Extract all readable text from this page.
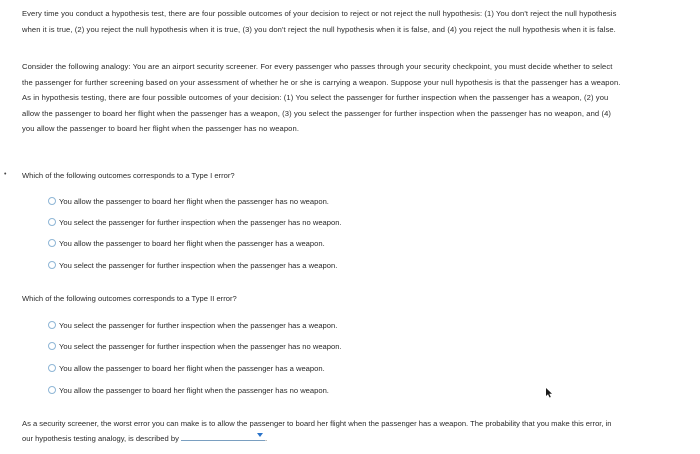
Every time you conduct a hypothesis test, there are four possible outcomes of your decision to reject or not reject the null hypothesis: (1) You don't reject the null hypothesis when it is true, (2) you reject the null hypothesis when it is true, (3) you don't reject the null hypothesis when it is false, and (4) you reject the null hypothesis when it is false.
Consider the following analogy: You are an airport security screener. For every passenger who passes through your security checkpoint, you must decide whether to select the passenger for further screening based on your assessment of whether he or she is carrying a weapon. Suppose your null hypothesis is that the passenger has a weapon. As in hypothesis testing, there are four possible outcomes of your decision: (1) You select the passenger for further inspection when the passenger has a weapon, (2) you allow the passenger to board her flight when the passenger has a weapon, (3) you select the passenger for further inspection when the passenger has no weapon, and (4) you allow the passenger to board her flight when the passenger has no weapon.
• Which of the following outcomes corresponds to a Type I error?
You allow the passenger to board her flight when the passenger has no weapon.
You select the passenger for further inspection when the passenger has no weapon.
You allow the passenger to board her flight when the passenger has a weapon.
You select the passenger for further inspection when the passenger has a weapon.
Which of the following outcomes corresponds to a Type II error?
You select the passenger for further inspection when the passenger has a weapon.
You select the passenger for further inspection when the passenger has no weapon.
You allow the passenger to board her flight when the passenger has a weapon.
You allow the passenger to board her flight when the passenger has no weapon.
As a security screener, the worst error you can make is to allow the passenger to board her flight when the passenger has a weapon. The probability that you make this error, in our hypothesis testing analogy, is described by	.
